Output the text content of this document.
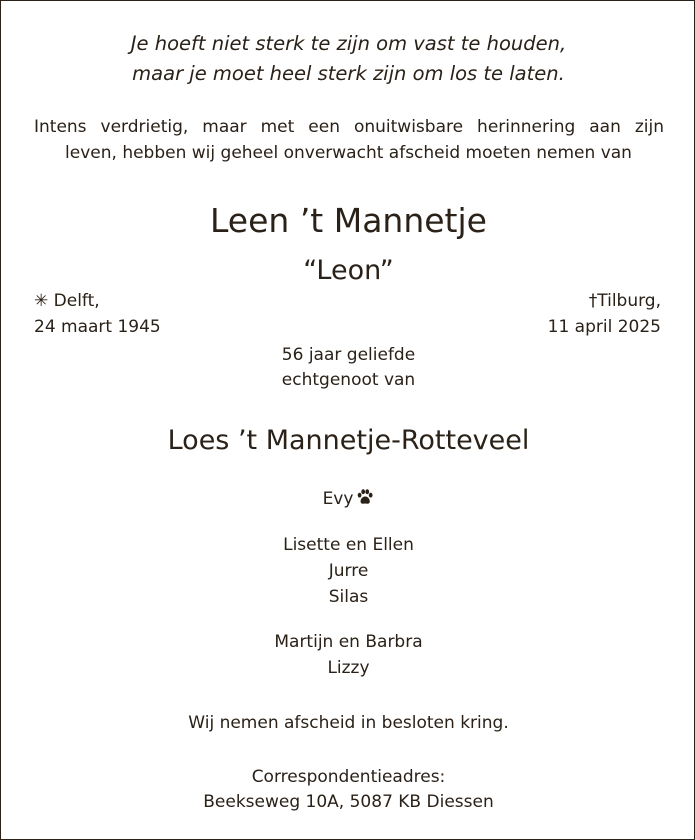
Je hoeft niet sterk te zijn om vast te houden,
maar je moet heel sterk zijn om los te laten.
Intens verdrietig, maar met een onuitwisbare herinnering aan zijn
leven, hebben wij geheel onverwacht afscheid moeten nemen van
Leen ’t Mannetje
“Leon”
✳ Delft,
24 maart 1945
†Tilburg,
11 april 2025
56 jaar geliefde
echtgenoot van
Loes ’t Mannetje-Rotteveel
Evy
Lisette en Ellen
Jurre
Silas
Martijn en Barbra
Lizzy
Wij nemen afscheid in besloten kring.
Correspondentieadres:
Beekseweg 10A, 5087 KB Diessen
